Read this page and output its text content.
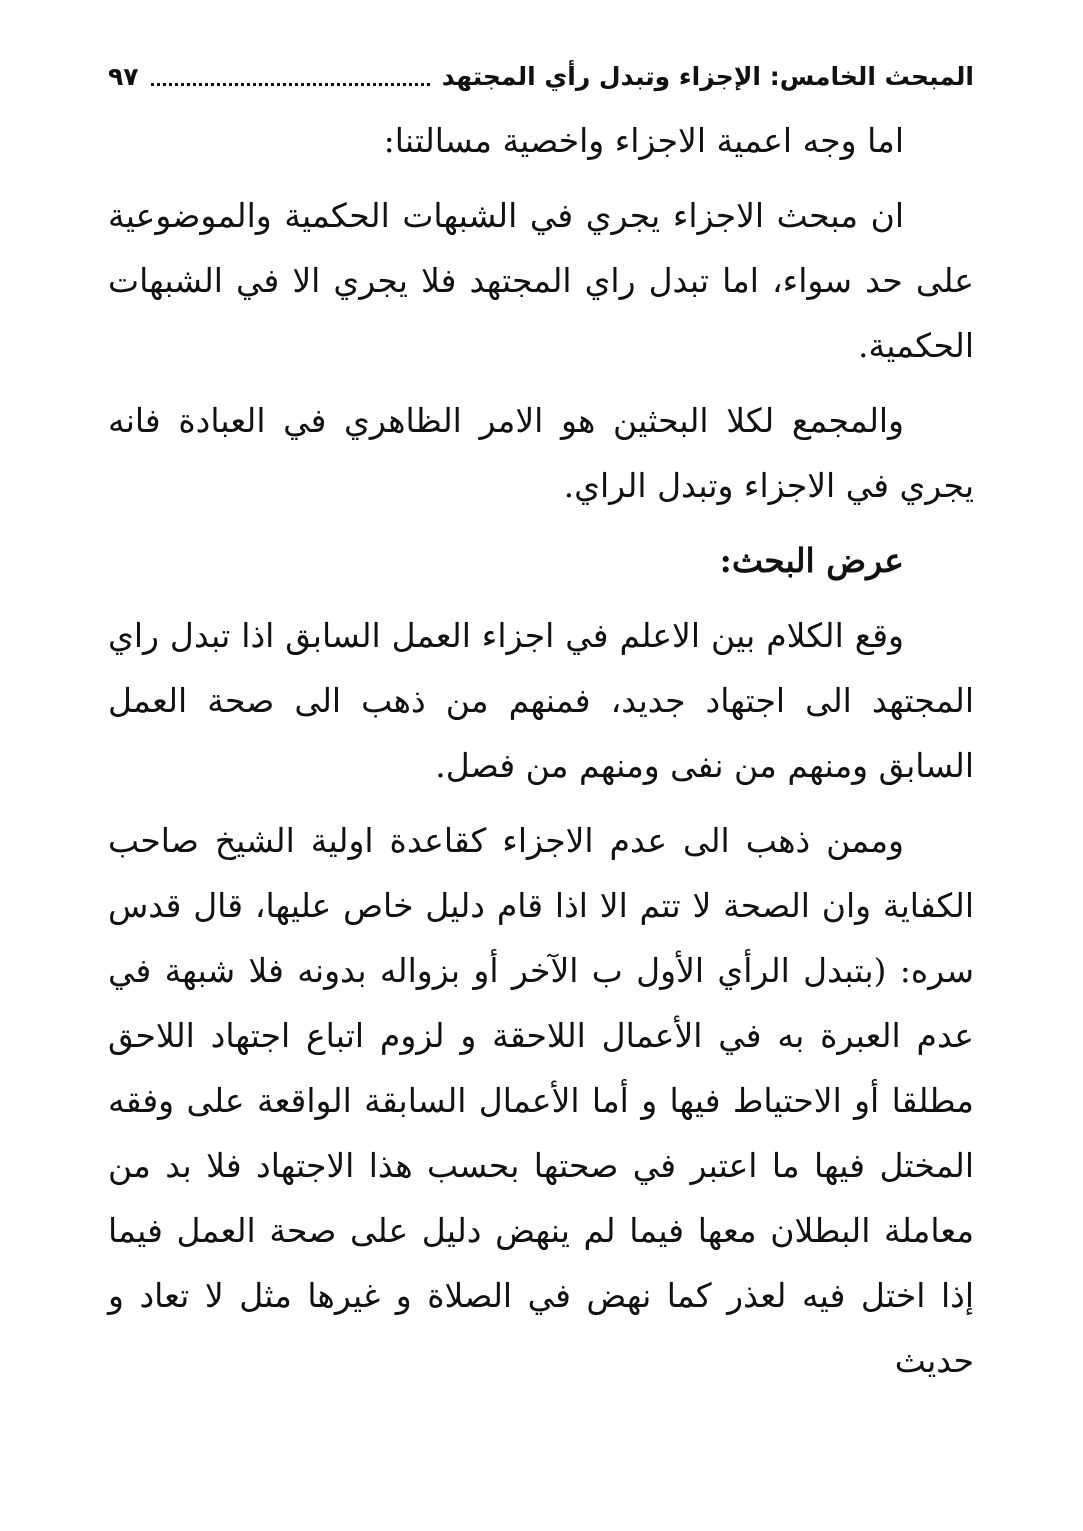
المبحث الخامس: الإجزاء وتبدل رأي المجتهد
٩٧

اما وجه اعمية الاجزاء واخصية مسالتنا:

ان مبحث الاجزاء يجري في الشبهات الحكمية والموضوعية على حد سواء، اما تبدل راي المجتهد فلا يجري الا في الشبهات الحكمية.

والمجمع لكلا البحثين هو الامر الظاهري في العبادة فانه يجري في الاجزاء وتبدل الراي.

عرض البحث:

وقع الكلام بين الاعلم في اجزاء العمل السابق اذا تبدل راي المجتهد الى اجتهاد جديد، فمنهم من ذهب الى صحة العمل السابق ومنهم من نفى ومنهم من فصل.

وممن ذهب الى عدم الاجزاء كقاعدة اولية الشيخ صاحب الكفاية وان الصحة لا تتم الا اذا قام دليل خاص عليها، قال قدس سره: (بتبدل الرأي الأول ب الآخر أو بزواله بدونه فلا شبهة في عدم العبرة به في الأعمال اللاحقة و لزوم اتباع اجتهاد اللاحق مطلقا أو الاحتياط فيها و أما الأعمال السابقة الواقعة على وفقه المختل فيها ما اعتبر في صحتها بحسب هذا الاجتهاد فلا بد من معاملة البطلان معها فيما لم ينهض دليل على صحة العمل فيما إذا اختل فيه لعذر كما نهض في الصلاة و غيرها مثل لا تعاد و حديث
